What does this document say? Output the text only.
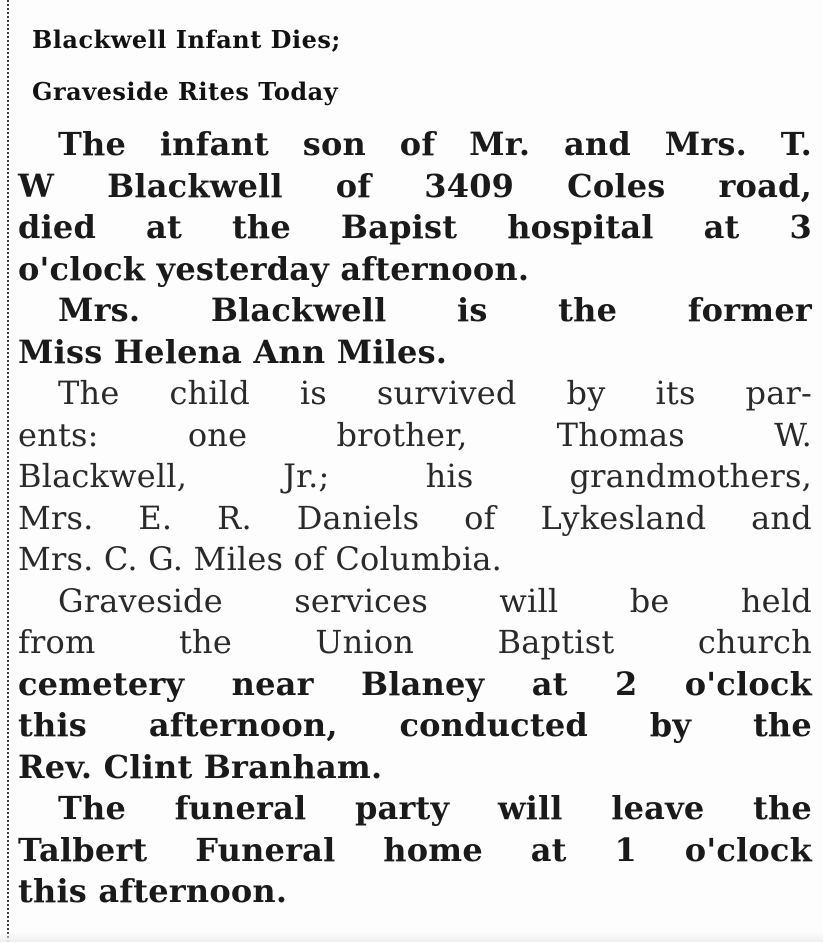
Blackwell Infant Dies;
Graveside Rites Today
The infant son of Mr. and Mrs. T.
W Blackwell of 3409 Coles road,
died at the Bapist hospital at 3
o'clock yesterday afternoon.
Mrs. Blackwell is the former
Miss Helena Ann Miles.
The child is survived by its par-
ents:	one	brother,	Thomas	W.
Blackwell,	Jr.;	his	grandmothers,
Mrs. E. R. Daniels of Lykesland and
Mrs. C. G. Miles of Columbia.
Graveside services will be held
from	the	Union	Baptist	church
cemetery near Blaney at 2 o'clock
this afternoon, conducted by the
Rev. Clint Branham.
The funeral party will leave the
Talbert Funeral home at 1 o'clock
this afternoon.
